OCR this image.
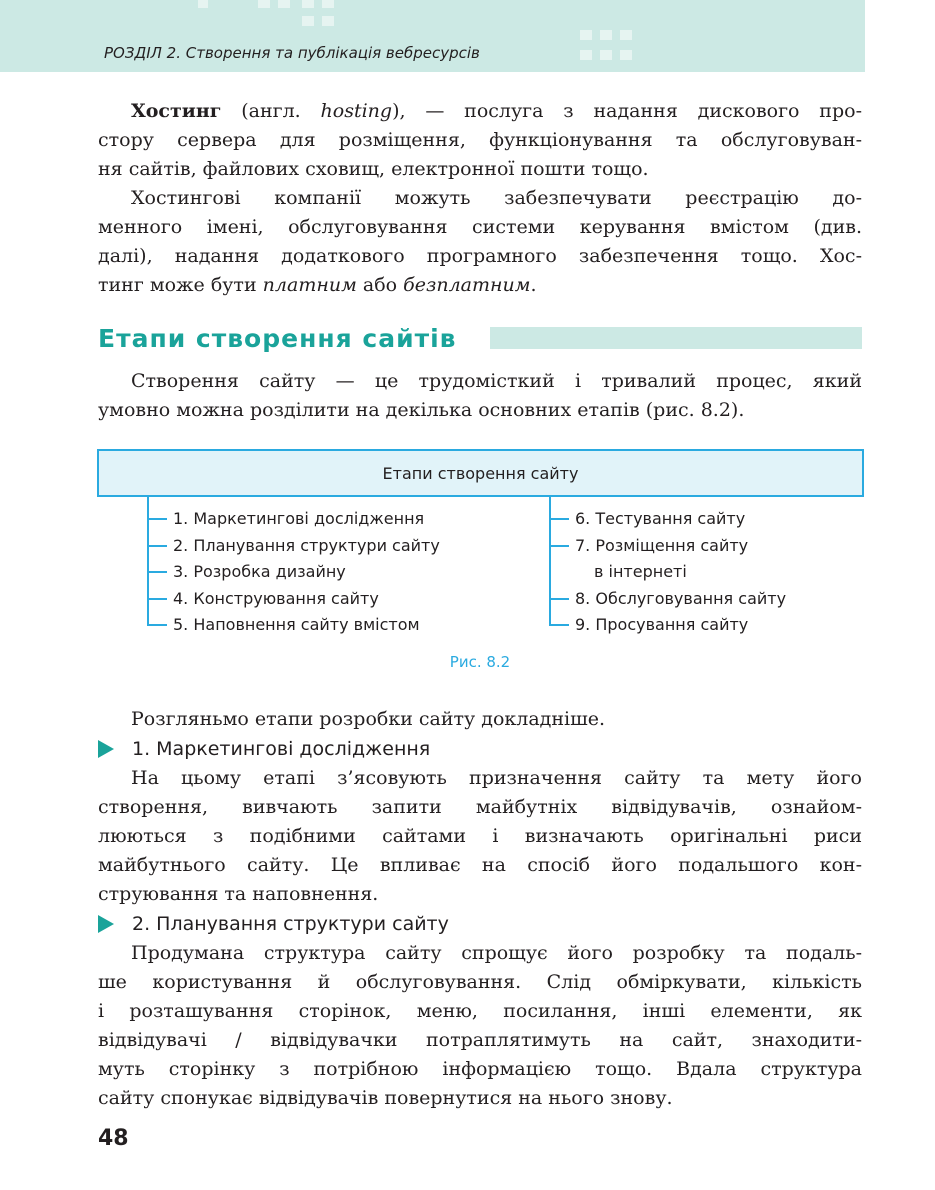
РОЗДІЛ 2. Створення та публікація вебресурсів
Хостинг (англ. hosting), — послуга з надання дискового про-
стору сервера для розміщення, функціонування та обслуговуван-
ня сайтів, файлових сховищ, електронної пошти тощо.
Хостингові компанії можуть забезпечувати реєстрацію до-
менного імені, обслуговування системи керування вмістом (див.
далі), надання додаткового програмного забезпечення тощо. Хос-
тинг може бути платним або безплатним.
Етапи створення сайтів
Створення сайту — це трудомісткий і тривалий процес, який
умовно можна розділити на декілька основних етапів (рис. 8.2).
Етапи створення сайту
1. Маркетингові дослідження
2. Планування структури сайту
3. Розробка дизайну
4. Конструювання сайту
5. Наповнення сайту вмістом
6. Тестування сайту
7. Розміщення сайту
в інтернеті
8. Обслуговування сайту
9. Просування сайту
Рис. 8.2
Розгляньмо етапи розробки сайту докладніше.
1. Маркетингові дослідження
На цьому етапі з’ясовують призначення сайту та мету його
створення, вивчають запити майбутніх відвідувачів, ознайом-
люються з подібними сайтами і визначають оригінальні риси
майбутнього сайту. Це впливає на спосіб його подальшого кон-
струювання та наповнення.
2. Планування структури сайту
Продумана структура сайту спрощує його розробку та подаль-
ше користування й обслуговування. Слід обміркувати, кількість
і розташування сторінок, меню, посилання, інші елементи, як
відвідувачі / відвідувачки потраплятимуть на сайт, знаходити-
муть сторінку з потрібною інформацією тощо. Вдала структура
сайту спонукає відвідувачів повернутися на нього знову.
48
